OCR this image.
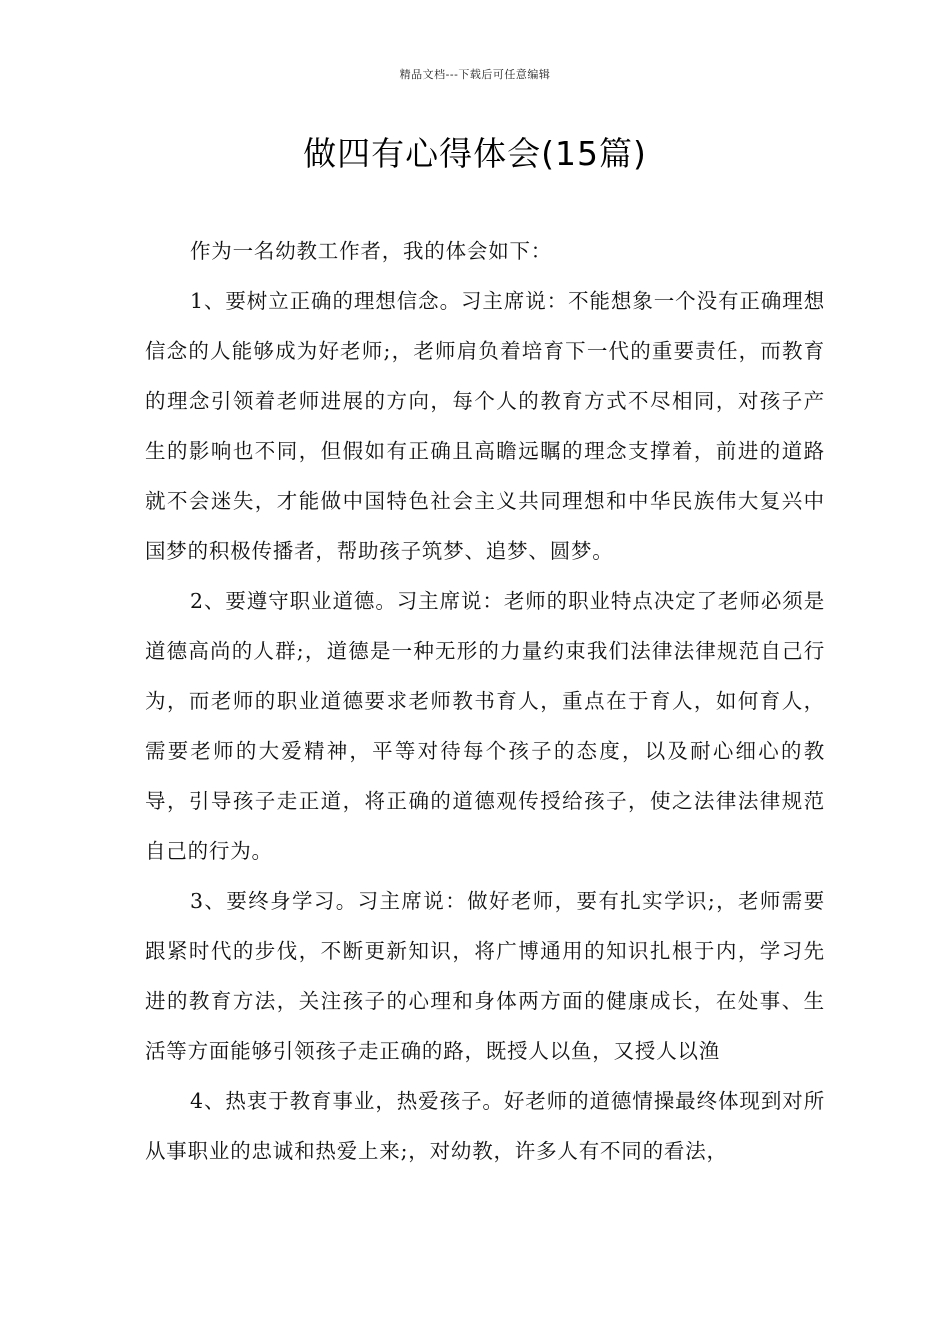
精品文档---下载后可任意编辑
做四有心得体会(15篇)

作为一名幼教工作者，我的体会如下：

1、要树立正确的理想信念。习主席说：不能想象一个没有正确理想信念的人能够成为好老师;，老师肩负着培育下一代的重要责任，而教育的理念引领着老师进展的方向，每个人的教育方式不尽相同，对孩子产生的影响也不同，但假如有正确且高瞻远瞩的理念支撑着，前进的道路就不会迷失，才能做中国特色社会主义共同理想和中华民族伟大复兴中国梦的积极传播者，帮助孩子筑梦、追梦、圆梦。

2、要遵守职业道德。习主席说：老师的职业特点决定了老师必须是道德高尚的人群;，道德是一种无形的力量约束我们法律法律规范自己行为，而老师的职业道德要求老师教书育人，重点在于育人，如何育人，需要老师的大爱精神，平等对待每个孩子的态度，以及耐心细心的教导，引导孩子走正道，将正确的道德观传授给孩子，使之法律法律规范自己的行为。

3、要终身学习。习主席说：做好老师，要有扎实学识;，老师需要跟紧时代的步伐，不断更新知识，将广博通用的知识扎根于内，学习先进的教育方法，关注孩子的心理和身体两方面的健康成长，在处事、生活等方面能够引领孩子走正确的路，既授人以鱼，又授人以渔

4、热衷于教育事业，热爱孩子。好老师的道德情操最终体现到对所从事职业的忠诚和热爱上来;，对幼教，许多人有不同的看法，
